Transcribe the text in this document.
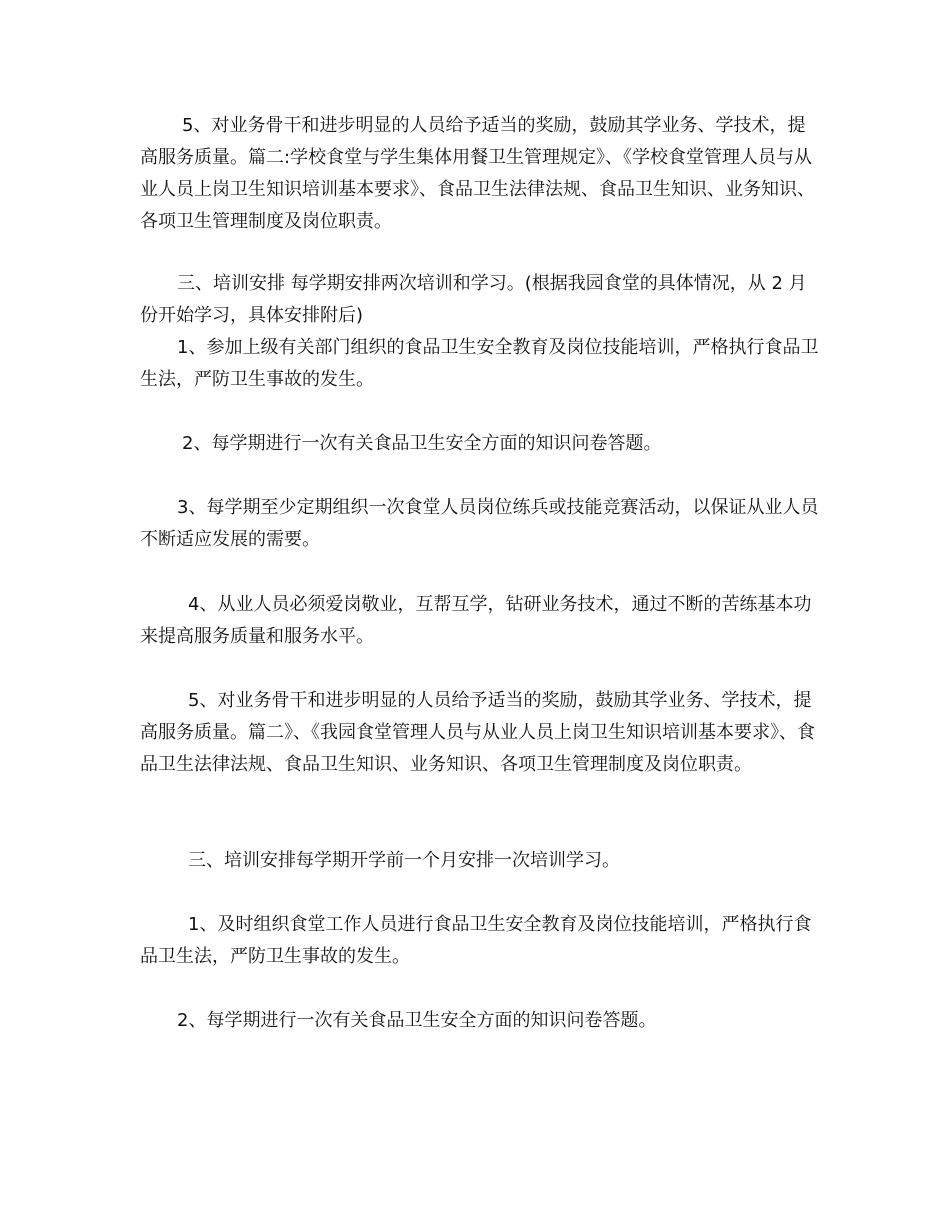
5、对业务骨干和进步明显的人员给予适当的奖励，鼓励其学业务、学技术，提高服务质量。篇二:学校食堂与学生集体用餐卫生管理规定》、《学校食堂管理人员与从业人员上岗卫生知识培训基本要求》、食品卫生法律法规、食品卫生知识、业务知识、各项卫生管理制度及岗位职责。

三、培训安排 每学期安排两次培训和学习。(根据我园食堂的具体情况，从 2 月份开始学习，具体安排附后)

1、参加上级有关部门组织的食品卫生安全教育及岗位技能培训，严格执行食品卫生法，严防卫生事故的发生。

2、每学期进行一次有关食品卫生安全方面的知识问卷答题。

3、每学期至少定期组织一次食堂人员岗位练兵或技能竞赛活动，以保证从业人员不断适应发展的需要。

4、从业人员必须爱岗敬业，互帮互学，钻研业务技术，通过不断的苦练基本功来提高服务质量和服务水平。

5、对业务骨干和进步明显的人员给予适当的奖励，鼓励其学业务、学技术，提高服务质量。篇二》、《我园食堂管理人员与从业人员上岗卫生知识培训基本要求》、食品卫生法律法规、食品卫生知识、业务知识、各项卫生管理制度及岗位职责。

三、培训安排每学期开学前一个月安排一次培训学习。

1、及时组织食堂工作人员进行食品卫生安全教育及岗位技能培训，严格执行食品卫生法，严防卫生事故的发生。

2、每学期进行一次有关食品卫生安全方面的知识问卷答题。
